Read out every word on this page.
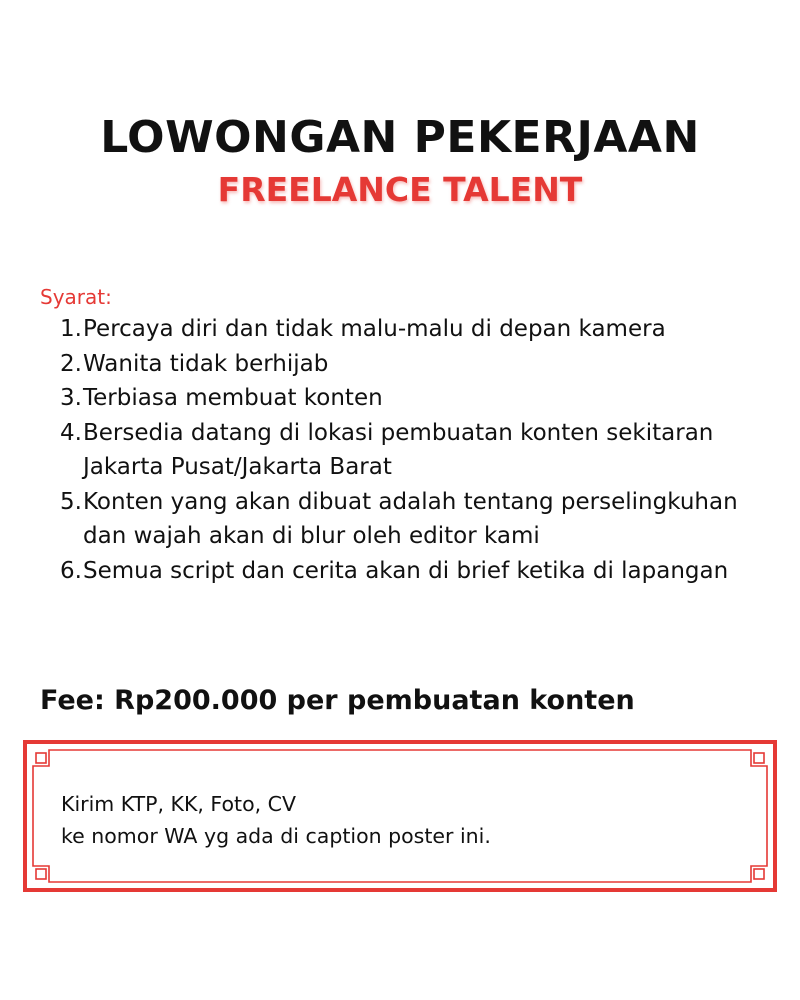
LOWONGAN PEKERJAAN
FREELANCE TALENT
Syarat:
1. Percaya diri dan tidak malu-malu di depan kamera
2. Wanita tidak berhijab
3. Terbiasa membuat konten
4. Bersedia datang di lokasi pembuatan konten sekitaran Jakarta Pusat/Jakarta Barat
5. Konten yang akan dibuat adalah tentang perselingkuhan dan wajah akan di blur oleh editor kami
6. Semua script dan cerita akan di brief ketika di lapangan
Fee: Rp200.000 per pembuatan konten
Kirim KTP, KK, Foto, CV
ke nomor WA yg ada di caption poster ini.
